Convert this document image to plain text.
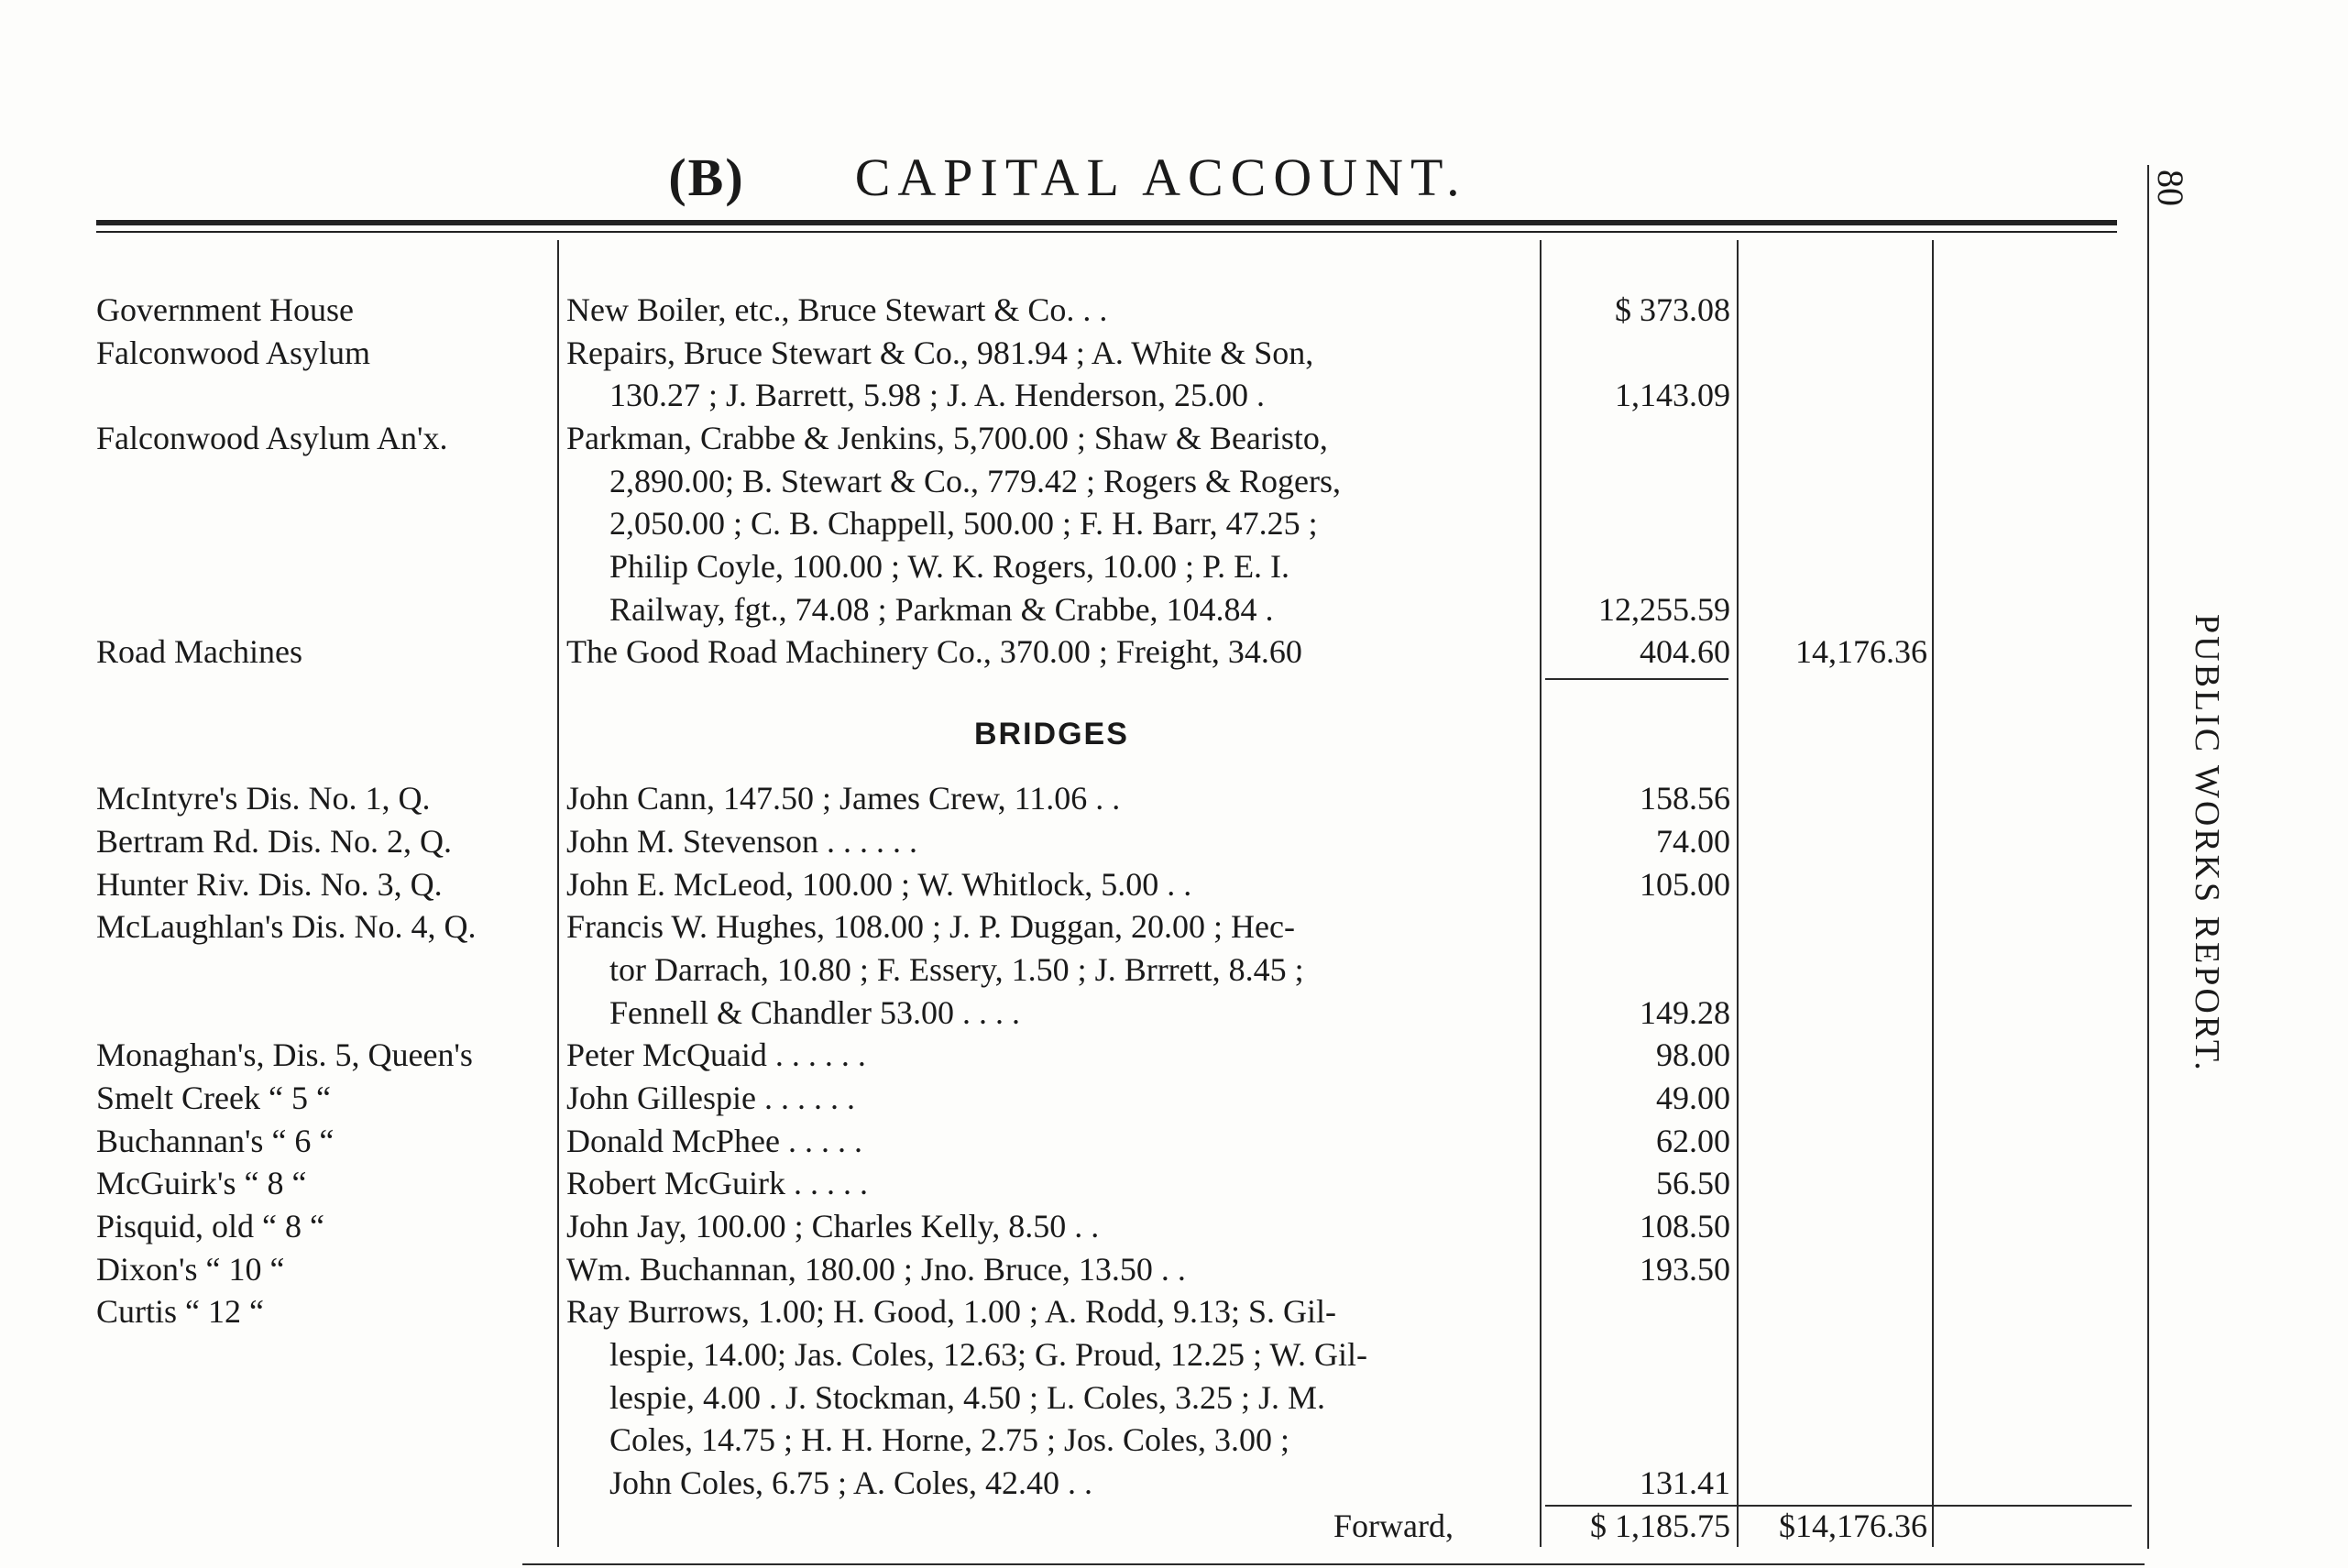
(B) CAPITAL ACCOUNT.	80
PUBLIC WORKS REPORT.
BRIDGES
Government House	New Boiler, etc., Bruce Stewart & Co. . .	$ 373.08
Falconwood Asylum	Repairs, Bruce Stewart & Co., 981.94 ; A. White & Son,
130.27 ; J. Barrett, 5.98 ; J. A. Henderson, 25.00 .	1,143.09
Falconwood Asylum An'x.	Parkman, Crabbe & Jenkins, 5,700.00 ; Shaw & Bearisto,
2,890.00; B. Stewart & Co., 779.42 ; Rogers & Rogers,
2,050.00 ; C. B. Chappell, 500.00 ; F. H. Barr, 47.25 ;
Philip Coyle, 100.00 ; W. K. Rogers, 10.00 ; P. E. I.
Railway, fgt., 74.08 ; Parkman & Crabbe, 104.84 .	12,255.59
Road Machines	The Good Road Machinery Co., 370.00 ; Freight, 34.60	404.60 14,176.36
McIntyre's Dis. No. 1, Q.	John Cann, 147.50 ; James Crew, 11.06 . .	158.56
Bertram Rd. Dis. No. 2, Q.	John M. Stevenson . . . . . .	74.00
Hunter Riv. Dis. No. 3, Q.	John E. McLeod, 100.00 ; W. Whitlock, 5.00 . .	105.00
McLaughlan's Dis. No. 4, Q.	Francis W. Hughes, 108.00 ; J. P. Duggan, 20.00 ; Hec-
tor Darrach, 10.80 ; F. Essery, 1.50 ; J. Brrrett, 8.45 ;
Fennell & Chandler 53.00 . . . .	149.28
Monaghan's, Dis. 5, Queen's	Peter McQuaid . . . . . .	98.00
Smelt Creek “ 5 “	John Gillespie . . . . . .	49.00
Buchannan's “ 6 “	Donald McPhee . . . . .	62.00
McGuirk's “ 8 “	Robert McGuirk . . . . .	56.50
Pisquid, old “ 8 “	John Jay, 100.00 ; Charles Kelly, 8.50 . .	108.50
Dixon's “ 10 “	Wm. Buchannan, 180.00 ; Jno. Bruce, 13.50 . .	193.50
Curtis “ 12 “	Ray Burrows, 1.00; H. Good, 1.00 ; A. Rodd, 9.13; S. Gil-
lespie, 14.00; Jas. Coles, 12.63; G. Proud, 12.25 ; W. Gil-
lespie, 4.00 . J. Stockman, 4.50 ; L. Coles, 3.25 ; J. M.
Coles, 14.75 ; H. H. Horne, 2.75 ; Jos. Coles, 3.00 ;
John Coles, 6.75 ; A. Coles, 42.40 . .	131.41
Forward,	$ 1,185.75 $14,176.36
